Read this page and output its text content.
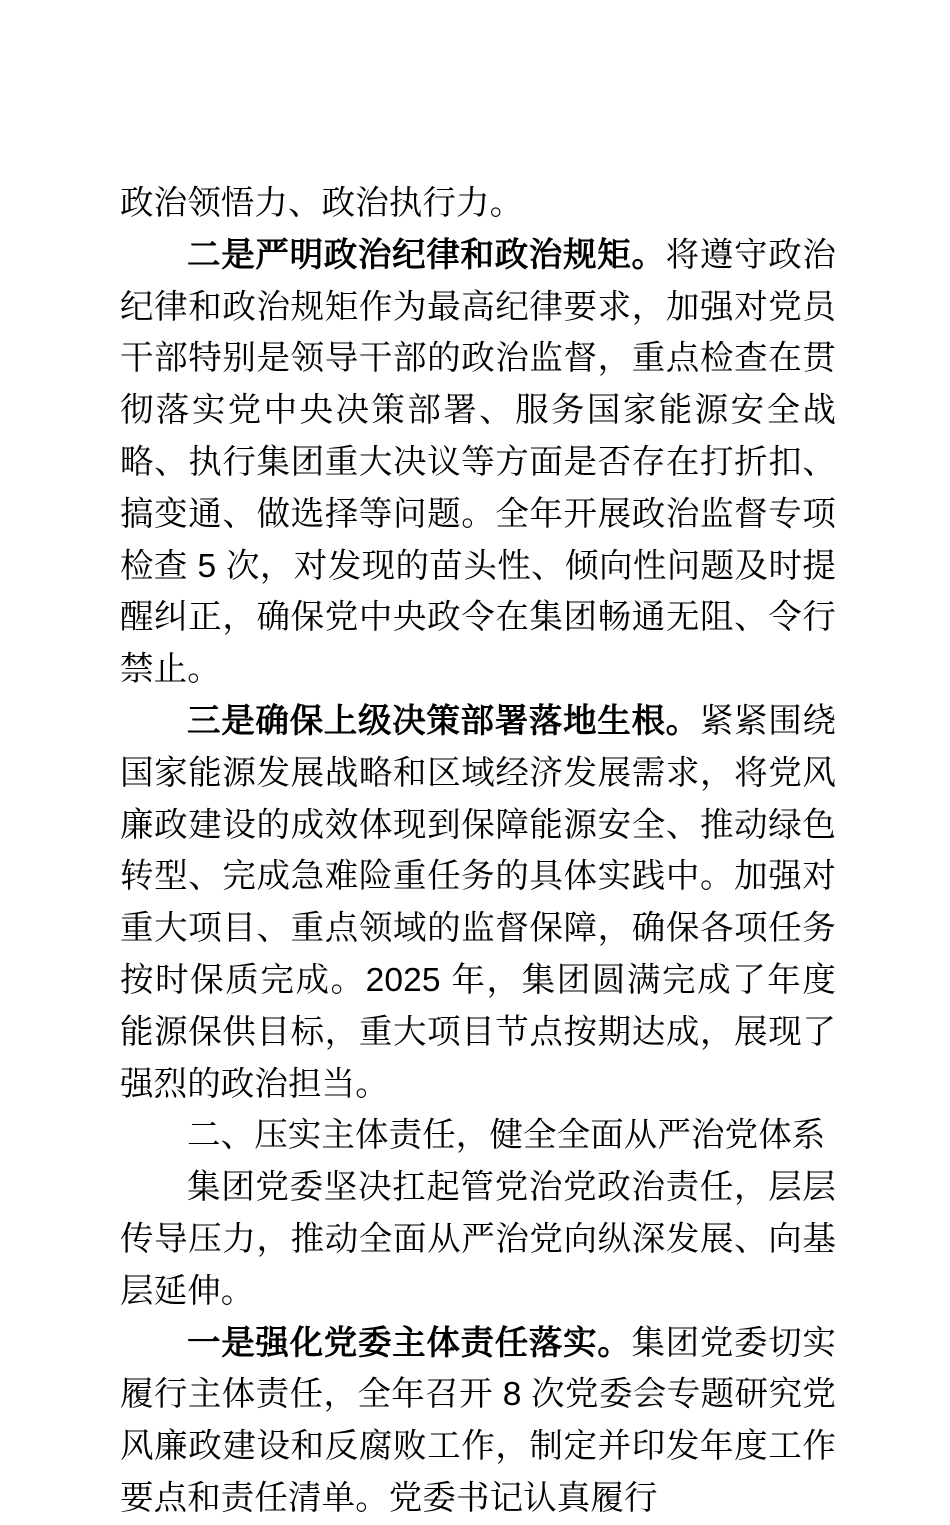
政治领悟力、政治执行力。

二是严明政治纪律和政治规矩。将遵守政治纪律和政治规矩作为最高纪律要求，加强对党员干部特别是领导干部的政治监督，重点检查在贯彻落实党中央决策部署、服务国家能源安全战略、执行集团重大决议等方面是否存在打折扣、搞变通、做选择等问题。全年开展政治监督专项检查 5 次，对发现的苗头性、倾向性问题及时提醒纠正，确保党中央政令在集团畅通无阻、令行禁止。

三是确保上级决策部署落地生根。紧紧围绕国家能源发展战略和区域经济发展需求，将党风廉政建设的成效体现到保障能源安全、推动绿色转型、完成急难险重任务的具体实践中。加强对重大项目、重点领域的监督保障，确保各项任务按时保质完成。2025 年，集团圆满完成了年度能源保供目标，重大项目节点按期达成，展现了强烈的政治担当。

二、压实主体责任，健全全面从严治党体系

集团党委坚决扛起管党治党政治责任，层层传导压力，推动全面从严治党向纵深发展、向基层延伸。

一是强化党委主体责任落实。集团党委切实履行主体责任，全年召开 8 次党委会专题研究党风廉政建设和反腐败工作，制定并印发年度工作要点和责任清单。党委书记认真履行
